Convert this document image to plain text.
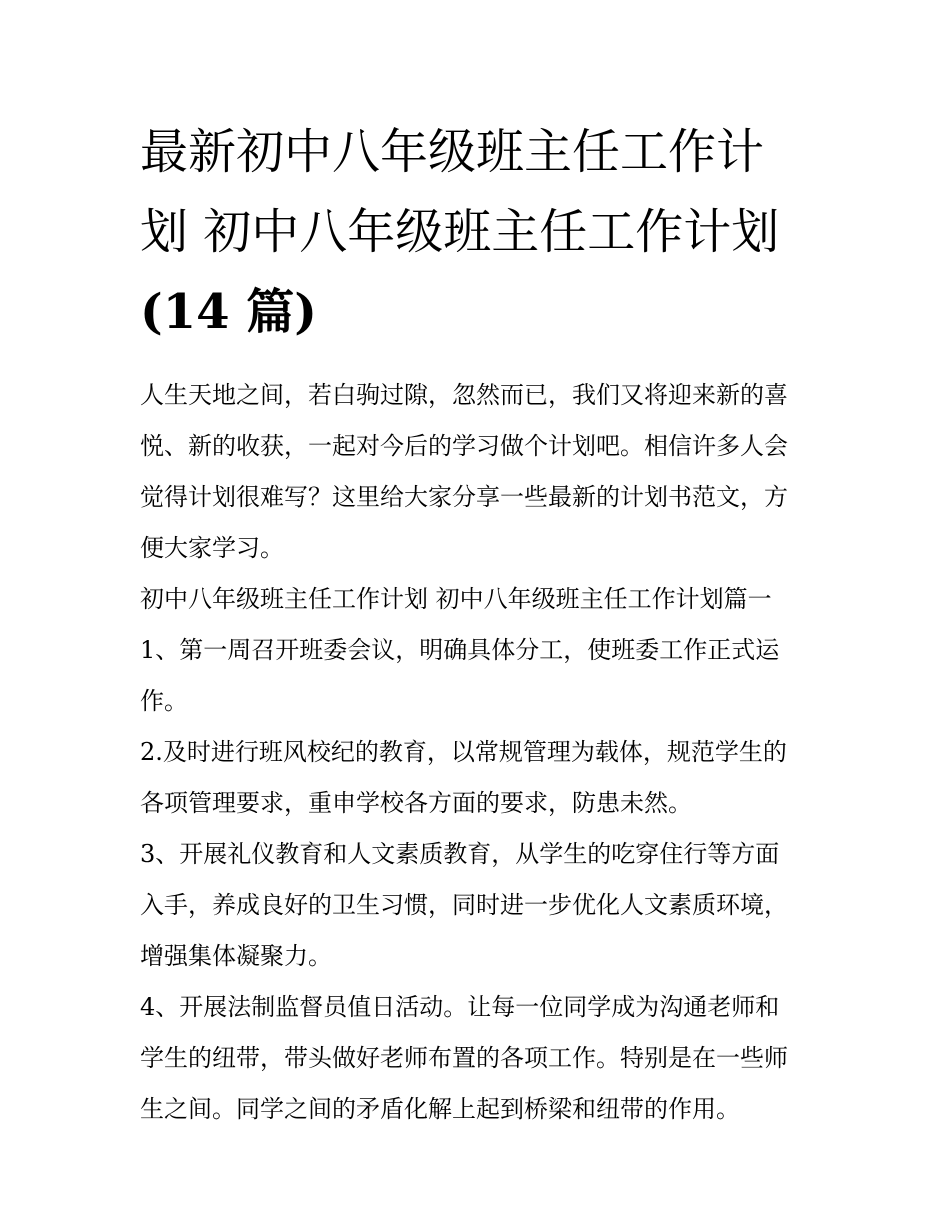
最新初中八年级班主任工作计
划 初中八年级班主任工作计划
(14 篇)

人生天地之间，若白驹过隙，忽然而已，我们又将迎来新的喜
悦、新的收获，一起对今后的学习做个计划吧。相信许多人会
觉得计划很难写？这里给大家分享一些最新的计划书范文，方
便大家学习。

初中八年级班主任工作计划 初中八年级班主任工作计划篇一

1、第一周召开班委会议，明确具体分工，使班委工作正式运
作。

2.及时进行班风校纪的教育，以常规管理为载体，规范学生的
各项管理要求，重申学校各方面的要求，防患未然。

3、开展礼仪教育和人文素质教育，从学生的吃穿住行等方面
入手，养成良好的卫生习惯，同时进一步优化人文素质环境，
增强集体凝聚力。

4、开展法制监督员值日活动。让每一位同学成为沟通老师和
学生的纽带，带头做好老师布置的各项工作。特别是在一些师
生之间。同学之间的矛盾化解上起到桥梁和纽带的作用。
